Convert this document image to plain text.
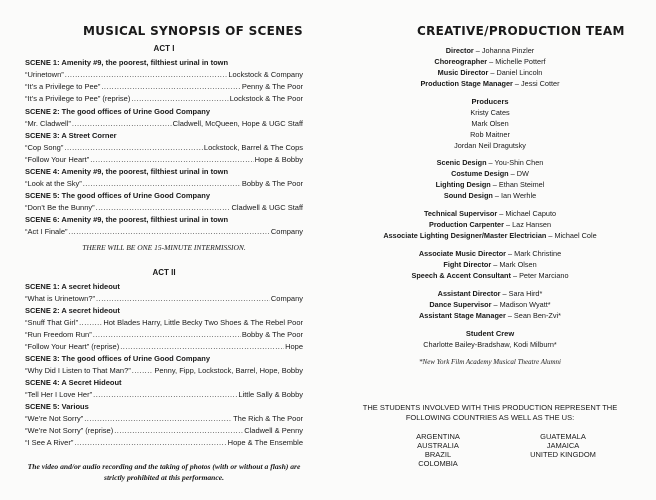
MUSICAL SYNOPSIS OF SCENES
ACT I
SCENE 1: Amenity #9, the poorest, filthiest urinal in town
“Urinetown” .....	Lockstock & Company
“It’s a Privilege to Pee” .....	Penny & The Poor
“It’s a Privilege to Pee” (reprise) .....	Lockstock & The Poor
SCENE 2: The good offices of Urine Good Company
“Mr. Cladwell” .....	Cladwell, McQueen, Hope & UGC Staff
SCENE 3: A Street Corner
“Cop Song” .....	Lockstock, Barrel & The Cops
“Follow Your Heart” .....	Hope & Bobby
SCENE 4: Amenity #9, the poorest, filthiest urinal in town
“Look at the Sky” .....	Bobby & The Poor
SCENE 5: The good offices of Urine Good Company
“Don’t Be the Bunny” .....	Cladwell & UGC Staff
SCENE 6: Amenity #9, the poorest, filthiest urinal in town
“Act I Finale” .....	Company
THERE WILL BE ONE 15-MINUTE INTERMISSION.
ACT II
SCENE 1: A secret hideout
“What is Urinetown?” .....	Company
SCENE 2: A secret hideout
“Snuff That Girl” .....	Hot Blades Harry, Little Becky Two Shoes & The Rebel Poor
“Run Freedom Run” .....	Bobby & The Poor
“Follow Your Heart” (reprise) .....	Hope
SCENE 3: The good offices of Urine Good Company
“Why Did I Listen to That Man?” .....	Penny, Fipp, Lockstock, Barrel, Hope, Bobby
SCENE 4: A Secret Hideout
“Tell Her I Love Her” .....	Little Sally & Bobby
SCENE 5: Various
“We’re Not Sorry” .....	The Rich & The Poor
“We’re Not Sorry” (reprise) .....	Cladwell & Penny
“I See A River” .....	Hope & The Ensemble
The video and/or audio recording and the taking of photos (with or without a flash) are strictly prohibited at this performance.
CREATIVE/PRODUCTION TEAM
Director – Johanna Pinzler
Choreographer – Michelle Potterf
Music Director – Daniel Lincoln
Production Stage Manager – Jessi Cotter
Producers
Kristy Cates
Mark Olsen
Rob Maitner
Jordan Neil Dragutsky
Scenic Design – You-Shin Chen
Costume Design – DW
Lighting Design – Ethan Steimel
Sound Design – Ian Werhle
Technical Supervisor – Michael Caputo
Production Carpenter – Laz Hansen
Associate Lighting Designer/Master Electrician – Michael Cole
Associate Music Director – Mark Christine
Fight Director – Mark Olsen
Speech & Accent Consultant – Peter Marciano
Assistant Director – Sara Hird*
Dance Supervisor – Madison Wyatt*
Assistant Stage Manager – Sean Ben-Zvi*
Student Crew
Charlotte Bailey-Bradshaw, Kodi Milburn*
*New York Film Academy Musical Theatre Alumni
THE STUDENTS INVOLVED WITH THIS PRODUCTION REPRESENT THE FOLLOWING COUNTRIES AS WELL AS THE US:
ARGENTINA
AUSTRALIA
BRAZIL
COLOMBIA
GUATEMALA
JAMAICA
UNITED KINGDOM
